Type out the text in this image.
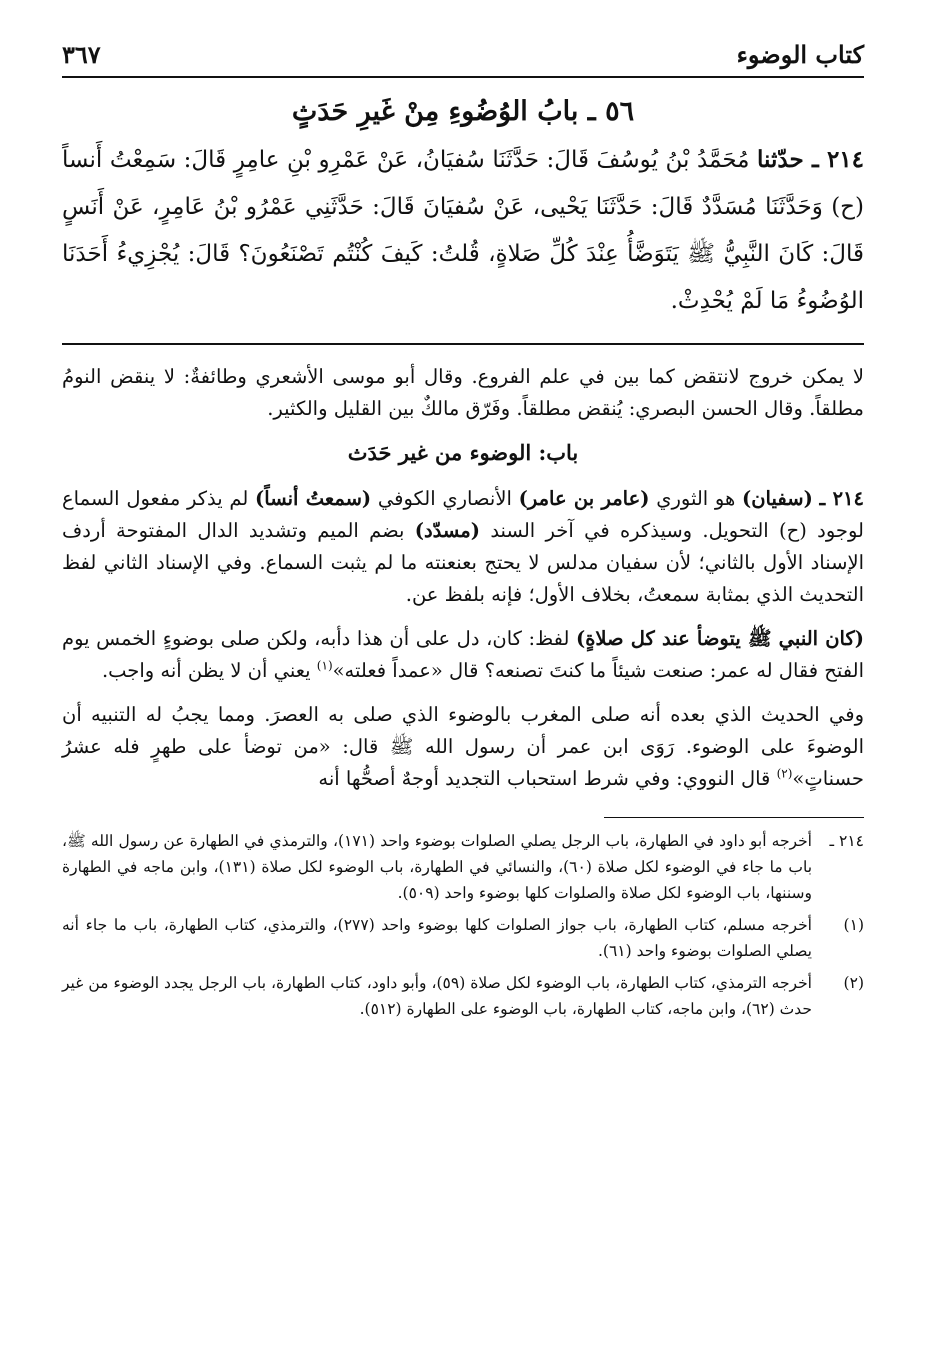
كتاب الوضوء
٣٦٧
٥٦ ـ بابُ الوُضُوءِ مِنْ غَيرِ حَدَثٍ

٢١٤ ـ حدّثنا مُحَمَّدُ بْنُ يُوسُفَ قَالَ: حَدَّثَنَا سُفيَانُ، عَنْ عَمْرِو بْنِ عامِرٍ قَالَ: سَمِعْتُ أَنساً (ح) وَحَدَّثَنَا مُسَدَّدٌ قَالَ: حَدَّثَنَا يَحْيى، عَنْ سُفيَانَ قَالَ: حَدَّثَنِي عَمْرُو بْنُ عَامِرٍ، عَنْ أَنَسٍ قَالَ: كَانَ النَّبِيُّ ﷺ يَتَوَضَّأُ عِنْدَ كُلِّ صَلاةٍ، قُلتُ: كَيفَ كُنْتُم تَصْنَعُونَ؟ قَالَ: يُجْزِيءُ أَحَدَنَا الوُضُوءُ مَا لَمْ يُحْدِثْ.

لا يمكن خروج لانتقض كما بين في علم الفروع. وقال أبو موسى الأشعري وطائفةٌ: لا ينقض النومُ مطلقاً. وقال الحسن البصري: يُنقض مطلقاً. وفَرّق مالكٌ بين القليل والكثير.

باب: الوضوء من غير حَدَث

٢١٤ ـ (سفيان) هو الثوري (عامر بن عامر) الأنصاري الكوفي (سمعتُ أنساً) لم يذكر مفعول السماع لوجود (ح) التحويل. وسيذكره في آخر السند (مسدّد) بضم الميم وتشديد الدال المفتوحة أردف الإسناد الأول بالثاني؛ لأن سفيان مدلس لا يحتج بعنعنته ما لم يثبت السماع. وفي الإسناد الثاني لفظ التحديث الذي بمثابة سمعتُ، بخلاف الأول؛ فإنه بلفظ عن.

(كان النبي ﷺ يتوضأ عند كل صلاةٍ) لفظ: كان، دل على أن هذا دأبه، ولكن صلى بوضوءٍ الخمس يوم الفتح فقال له عمر: صنعت شيئاً ما كنتَ تصنعه؟ قال «عمداً فعلته»$^{(١)}$ يعني أن لا يظن أنه واجب.

وفي الحديث الذي بعده أنه صلى المغرب بالوضوء الذي صلى به العصرَ. ومما يجبُ له التنبيه أن الوضوءَ على الوضوء. رَوَى ابن عمر أن رسول الله ﷺ قال: «من توضأ على طهرٍ فله عشرُ حسناتٍ»$^{(٢)}$ قال النووي: وفي شرط استحباب التجديد أوجهٌ أصحُّها أنه

٢١٤ ـ
أخرجه أبو داود في الطهارة، باب الرجل يصلي الصلوات بوضوء واحد (١٧١)، والترمذي في الطهارة عن رسول الله ﷺ، باب ما جاء في الوضوء لكل صلاة (٦٠)، والنسائي في الطهارة، باب الوضوء لكل صلاة (١٣١)، وابن ماجه في الطهارة وسننها، باب الوضوء لكل صلاة والصلوات كلها بوضوء واحد (٥٠٩).
(١)
أخرجه مسلم، كتاب الطهارة، باب جواز الصلوات كلها بوضوء واحد (٢٧٧)، والترمذي، كتاب الطهارة، باب ما جاء أنه يصلي الصلوات بوضوء واحد (٦١).
(٢)
أخرجه الترمذي، كتاب الطهارة، باب الوضوء لكل صلاة (٥٩)، وأبو داود، كتاب الطهارة، باب الرجل يجدد الوضوء من غير حدث (٦٢)، وابن ماجه، كتاب الطهارة، باب الوضوء على الطهارة (٥١٢).
